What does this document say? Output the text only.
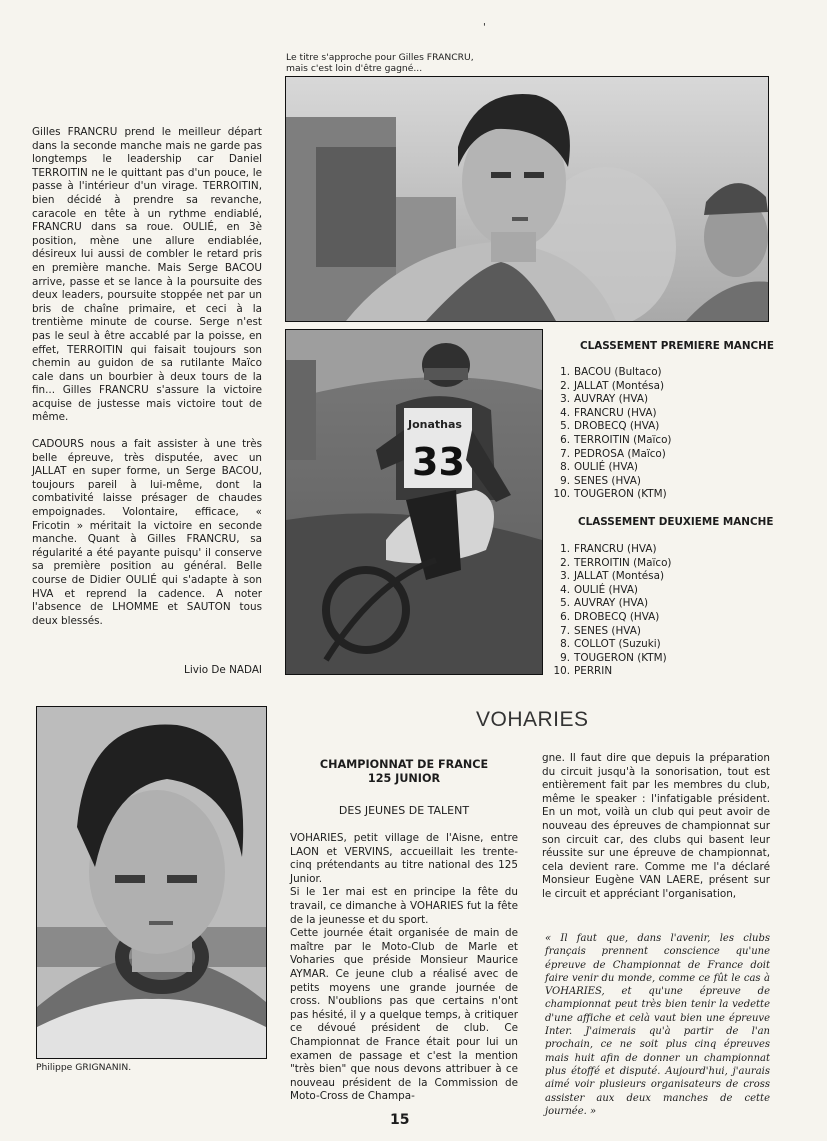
'
Le titre s'approche pour Gilles FRANCRU,
mais c'est loin d'être gagné...

Gilles FRANCRU prend le meilleur départ dans la seconde manche mais ne garde pas longtemps le leadership car Daniel TERROITIN ne le quittant pas d'un pouce, le passe à l'intérieur d'un virage. TERROITIN, bien décidé à prendre sa revanche, caracole en tête à un rythme endiablé, FRANCRU dans sa roue. OULIÉ, en 3è position, mène une allure endiablée, désireux lui aussi de combler le retard pris en première manche. Mais Serge BACOU arrive, passe et se lance à la poursuite des deux leaders, poursuite stoppée net par un bris de chaîne primaire, et ceci à la trentième minute de course. Serge n'est pas le seul à être accablé par la poisse, en effet, TERROITIN qui faisait toujours son chemin au guidon de sa rutilante Maïco cale dans un bourbier à deux tours de la fin... Gilles FRANCRU s'assure la victoire acquise de justesse mais victoire tout de même.

CADOURS nous a fait assister à une très belle épreuve, très disputée, avec un JALLAT en super forme, un Serge BACOU, toujours pareil à lui-même, dont la combativité laisse présager de chaudes empoignades. Volontaire, efficace, « Fricotin » méritait la victoire en seconde manche. Quant à Gilles FRANCRU, sa régularité a été payante puisqu' il conserve sa première position au général. Belle course de Didier OULIÉ qui s'adapte à son HVA et reprend la cadence. A noter l'absence de LHOMME et SAUTON tous deux blessés.

Livio De NADAI
Jonathas
33
CLASSEMENT PREMIERE MANCHE
1. BACOU (Bultaco)
2. JALLAT (Montésa)
3. AUVRAY (HVA)
4. FRANCRU (HVA)
5. DROBECQ (HVA)
6. TERROITIN (Maïco)
7. PEDROSA (Maïco)
8. OULIÉ (HVA)
9. SENES (HVA)
10. TOUGERON (KTM)
CLASSEMENT DEUXIEME MANCHE
1. FRANCRU (HVA)
2. TERROITIN (Maïco)
3. JALLAT (Montésa)
4. OULIÉ (HVA)
5. AUVRAY (HVA)
6. DROBECQ (HVA)
7. SENES (HVA)
8. COLLOT (Suzuki)
9. TOUGERON (KTM)
10. PERRIN
Philippe GRIGNANIN.
VOHARIES
CHAMPIONNAT DE FRANCE
125 JUNIOR
DES JEUNES DE TALENT

VOHARIES, petit village de l'Aisne, entre LAON et VERVINS, accueillait les trente-cinq prétendants au titre national des 125 Junior.

Si le 1er mai est en principe la fête du travail, ce dimanche à VOHARIES fut la fête de la jeunesse et du sport.

Cette journée était organisée de main de maître par le Moto-Club de Marle et Voharies que préside Monsieur Maurice AYMAR. Ce jeune club a réalisé avec de petits moyens une grande journée de cross. N'oublions pas que certains n'ont pas hésité, il y a quelque temps, à critiquer ce dévoué président de club. Ce Championnat de France était pour lui un examen de passage et c'est la mention "très bien" que nous devons attribuer à ce nouveau président de la Commission de Moto-Cross de Champa-

gne. Il faut dire que depuis la préparation du circuit jusqu'à la sonorisation, tout est entièrement fait par les membres du club, même le speaker : l'infatigable président. En un mot, voilà un club qui peut avoir de nouveau des épreuves de championnat sur son circuit car, des clubs qui basent leur réussite sur une épreuve de championnat, cela devient rare. Comme me l'a déclaré Monsieur Eugène VAN LAERE, présent sur le circuit et appréciant l'organisation,

« Il faut que, dans l'avenir, les clubs français prennent conscience qu'une épreuve de Championnat de France doit faire venir du monde, comme ce fût le cas à VOHARIES, et qu'une épreuve de championnat peut très bien tenir la vedette d'une affiche et celà vaut bien une épreuve Inter. J'aimerais qu'à partir de l'an prochain, ce ne soit plus cinq épreuves mais huit afin de donner un championnat plus étoffé et disputé. Aujourd'hui, j'aurais aimé voir plusieurs organisateurs de cross assister aux deux manches de cette journée. »
15
